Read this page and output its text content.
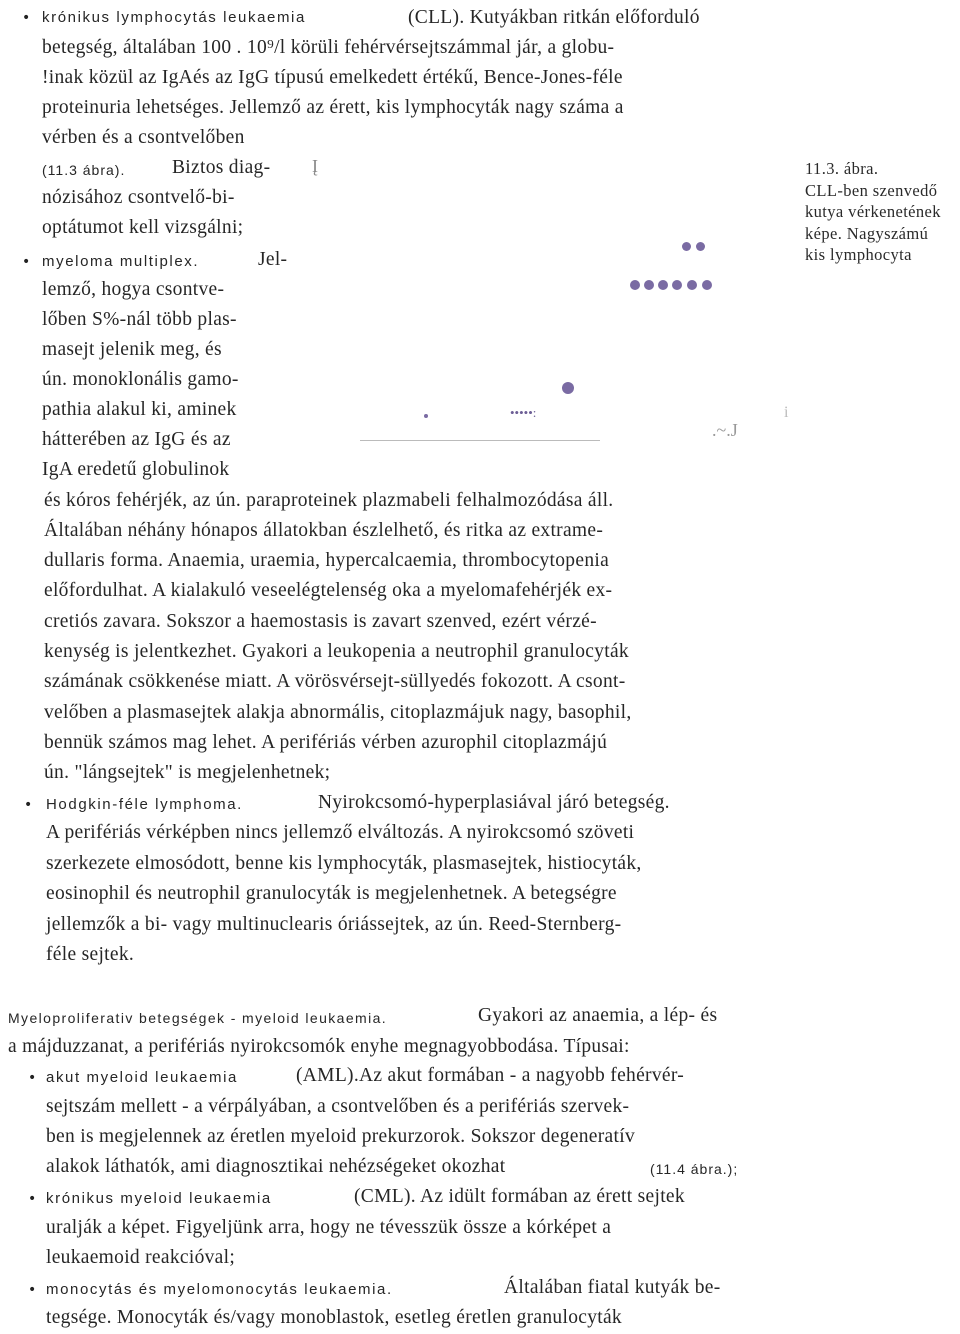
• krónikus lymphocytás leukaemia	(CLL). Kutyákban ritkán előforduló
betegség, általában 100 . 10⁹/l körüli fehérvérsejtszámmal jár, a globu-
!inak közül az IgAés az IgG típusú emelkedett értékű, Bence-Jones-féle
proteinuria lehetséges. Jellemző az érett, kis lymphocyták nagy száma a
vérben és a csontvelőben
(11.3 ábra). Biztos diag-
nózisához csontvelő-bi-
optátumot kell vizsgálni;
• myeloma multiplex.	Jel-
lemző, hogya csontve-
lőben S%-nál több plas-
masejt jelenik meg, és
ún. monoklonális gamo-
pathia alakul ki, aminek
hátterében az IgG és az
IgA eredetű globulinok
és kóros fehérjék, az ún. paraproteinek plazmabeli felhalmozódása áll.
Általában néhány hónapos állatokban észlelhető, és ritka az extrame-
dullaris forma. Anaemia, uraemia, hypercalcaemia, thrombocytopenia
előfordulhat. A kialakuló veseelégtelenség oka a myelomafehérjék ex-
cretiós zavara. Sokszor a haemostasis is zavart szenved, ezért vérzé-
kenység is jelentkezhet. Gyakori a leukopenia a neutrophil granulocyták
számának csökkenése miatt. A vörösvérsejt-süllyedés fokozott. A csont-
velőben a plasmasejtek alakja abnormális, citoplazmájuk nagy, basophil,
bennük számos mag lehet. A perifériás vérben azurophil citoplazmájú
ún. "lángsejtek" is megjelenhetnek;
• Hodgkin-féle lymphoma.	Nyirokcsomó-hyperplasiával járó betegség.
A perifériás vérképben nincs jellemző elváltozás. A nyirokcsomó szöveti
szerkezete elmosódott, benne kis lymphocyták, plasmasejtek, histiocyták,
eosinophil és neutrophil granulocyták is megjelenhetnek. A betegségre
jellemzők a bi- vagy multinuclearis óriássejtek, az ún. Reed-Sternberg-
féle sejtek.
Į
•••••:
.~.J
i
11.3. ábra.
CLL-ben szenvedő
kutya vérkenetének
képe. Nagyszámú
kis lymphocyta
Myeloproliferativ betegségek - myeloid leukaemia.	Gyakori az anaemia, a lép- és
a májduzzanat, a perifériás nyirokcsomók enyhe megnagyobbodása. Típusai:
• akut myeloid leukaemia	(AML).Az akut formában - a nagyobb fehérvér-
sejtszám mellett - a vérpályában, a csontvelőben és a perifériás szervek-
ben is megjelennek az éretlen myeloid prekurzorok. Sokszor degeneratív
alakok láthatók, ami diagnosztikai nehézségeket okozhat	(11.4 ábra.);
• krónikus myeloid leukaemia	(CML). Az idült formában az érett sejtek
uralják a képet. Figyeljünk arra, hogy ne tévesszük össze a kórképet a
leukaemoid reakcióval;
• monocytás és myelomonocytás leukaemia.	Általában fiatal kutyák be-
tegsége. Monocyták és/vagy monoblastok, esetleg éretlen granulocyták
